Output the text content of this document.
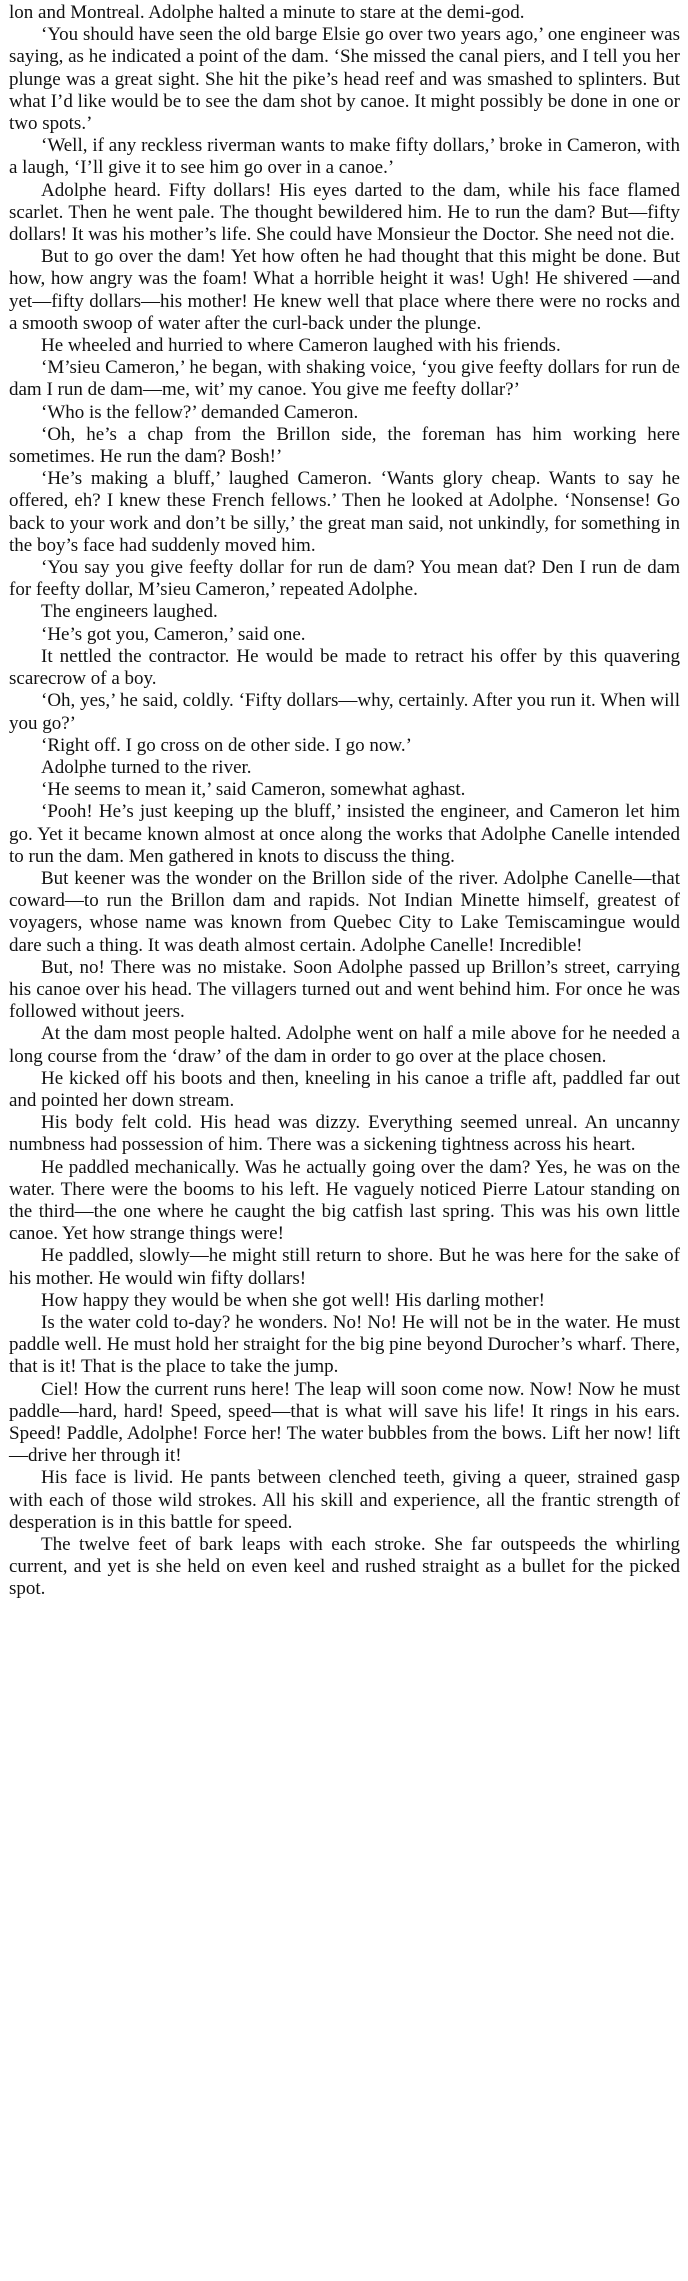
lon and Montreal. Adolphe halted a minute to stare at the demi-god.

‘You should have seen the old barge Elsie go over two years ago,’ one engineer was saying, as he indicated a point of the dam. ‘She missed the canal piers, and I tell you her plunge was a great sight. She hit the pike’s head reef and was smashed to splinters. But what I’d like would be to see the dam shot by canoe. It might possibly be done in one or two spots.’

‘Well, if any reckless riverman wants to make fifty dollars,’ broke in Cameron, with a laugh, ‘I’ll give it to see him go over in a canoe.’

Adolphe heard. Fifty dollars! His eyes darted to the dam, while his face flamed scarlet. Then he went pale. The thought bewildered him. He to run the dam? But—fifty dollars! It was his mother’s life. She could have Monsieur the Doctor. She need not die.

But to go over the dam! Yet how often he had thought that this might be done. But how, how angry was the foam! What a horrible height it was! Ugh! He shivered —and yet—fifty dollars—his mother! He knew well that place where there were no rocks and a smooth swoop of water after the curl-back under the plunge.

He wheeled and hurried to where Cameron laughed with his friends.

‘M’sieu Cameron,’ he began, with shaking voice, ‘you give feefty dollars for run de dam I run de dam—me, wit’ my canoe. You give me feefty dollar?’

‘Who is the fellow?’ demanded Cameron.

‘Oh, he’s a chap from the Brillon side, the foreman has him working here sometimes. He run the dam? Bosh!’

‘He’s making a bluff,’ laughed Cameron. ‘Wants glory cheap. Wants to say he offered, eh? I knew these French fellows.’ Then he looked at Adolphe. ‘Nonsense! Go back to your work and don’t be silly,’ the great man said, not unkindly, for something in the boy’s face had suddenly moved him.

‘You say you give feefty dollar for run de dam? You mean dat? Den I run de dam for feefty dollar, M’sieu Cameron,’ repeated Adolphe.

The engineers laughed.

‘He’s got you, Cameron,’ said one.

It nettled the contractor. He would be made to retract his offer by this quavering scarecrow of a boy.

‘Oh, yes,’ he said, coldly. ‘Fifty dollars—why, certainly. After you run it. When will you go?’

‘Right off. I go cross on de other side. I go now.’

Adolphe turned to the river.

‘He seems to mean it,’ said Cameron, somewhat aghast.

‘Pooh! He’s just keeping up the bluff,’ insisted the engineer, and Cameron let him go. Yet it became known almost at once along the works that Adolphe Canelle intended to run the dam. Men gathered in knots to discuss the thing.

But keener was the wonder on the Brillon side of the river. Adolphe Canelle—that coward—to run the Brillon dam and rapids. Not Indian Minette himself, greatest of voyagers, whose name was known from Quebec City to Lake Temiscamingue would dare such a thing. It was death almost certain. Adolphe Canelle! Incredible!

But, no! There was no mistake. Soon Adolphe passed up Brillon’s street, carrying his canoe over his head. The villagers turned out and went behind him. For once he was followed without jeers.

At the dam most people halted. Adolphe went on half a mile above for he needed a long course from the ‘draw’ of the dam in order to go over at the place chosen.

He kicked off his boots and then, kneeling in his canoe a trifle aft, paddled far out and pointed her down stream.

His body felt cold. His head was dizzy. Everything seemed unreal. An uncanny numbness had possession of him. There was a sickening tightness across his heart.

He paddled mechanically. Was he actually going over the dam? Yes, he was on the water. There were the booms to his left. He vaguely noticed Pierre Latour standing on the third—the one where he caught the big catfish last spring. This was his own little canoe. Yet how strange things were!

He paddled, slowly—he might still return to shore. But he was here for the sake of his mother. He would win fifty dollars!

How happy they would be when she got well! His darling mother!

Is the water cold to-day? he wonders. No! No! He will not be in the water. He must paddle well. He must hold her straight for the big pine beyond Durocher’s wharf. There, that is it! That is the place to take the jump.

Ciel! How the current runs here! The leap will soon come now. Now! Now he must paddle—hard, hard! Speed, speed—that is what will save his life! It rings in his ears. Speed! Paddle, Adolphe! Force her! The water bubbles from the bows. Lift her now! lift—drive her through it!

His face is livid. He pants between clenched teeth, giving a queer, strained gasp with each of those wild strokes. All his skill and experience, all the frantic strength of desperation is in this battle for speed.

The twelve feet of bark leaps with each stroke. She far outspeeds the whirling current, and yet is she held on even keel and rushed straight as a bullet for the picked spot.
